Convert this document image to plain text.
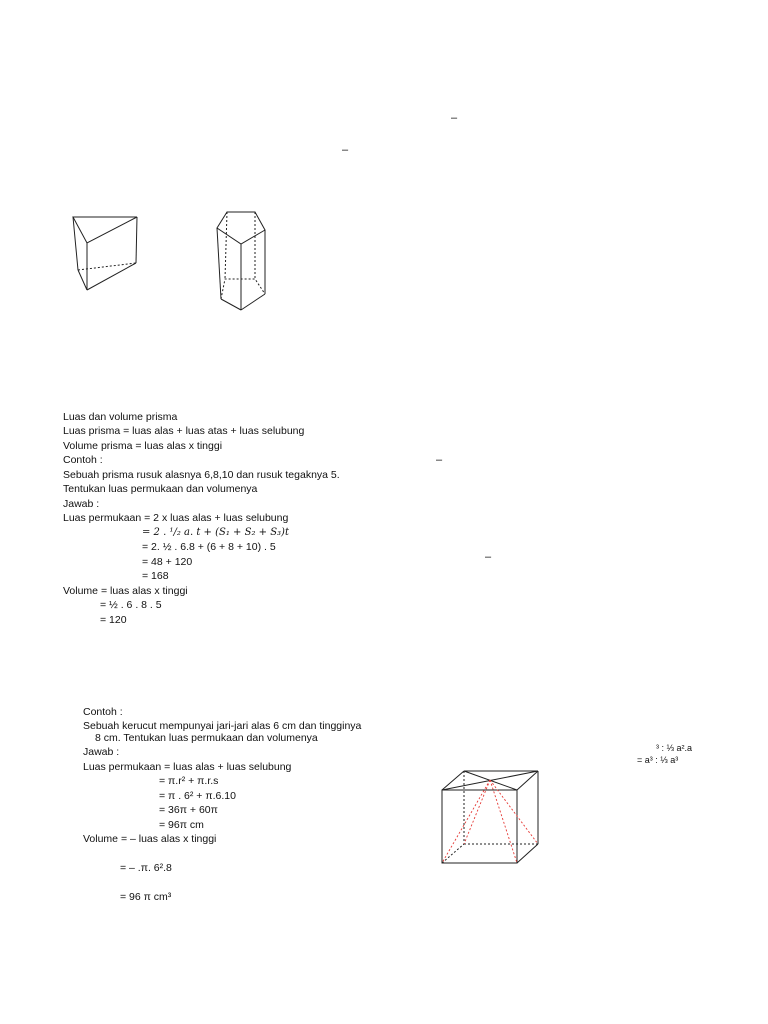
–
–
–
–
Luas dan volume prisma
Luas prisma = luas alas + luas atas + luas selubung
Volume prisma = luas alas x tinggi
Contoh :
Sebuah prisma rusuk alasnya 6,8,10 dan rusuk tegaknya 5.
Tentukan luas permukaan dan volumenya
Jawab :
Luas permukaan = 2 x luas alas + luas selubung
= 2 . ¹/₂ a. t + (S₁ + S₂ + S₃)t
= 2. ½ . 6.8 + (6 + 8 + 10) . 5
= 48 + 120
= 168
Volume = luas alas x tinggi
= ½ . 6 . 8 . 5
= 120
Contoh :
Sebuah kerucut mempunyai jari-jari alas 6 cm dan tingginya
8 cm. Tentukan luas permukaan dan volumenya
Jawab :
Luas permukaan = luas alas + luas selubung
= π.r² + π.r.s
= π . 6² + π.6.10
= 36π + 60π
= 96π cm
Volume = – luas alas x tinggi
= – .π. 6².8
= 96 π cm³
³ : ⅓ a².a
= a³ : ⅓ a³
